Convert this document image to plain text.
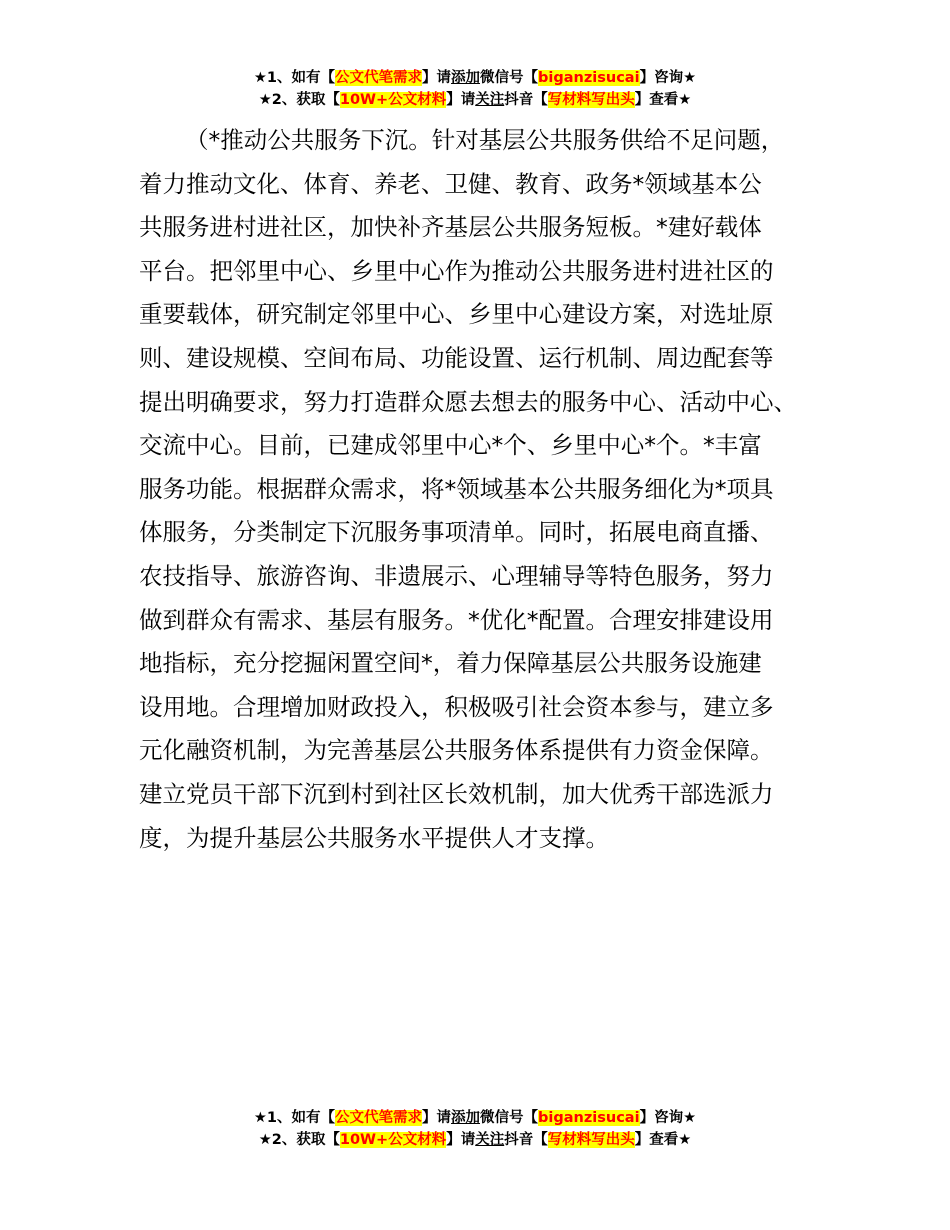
★1、如有【公文代笔需求】请添加微信号【biganzisucai】咨询★
★2、获取【10W+公文材料】请关注抖音【写材料写出头】查看★
（*推动公共服务下沉。针对基层公共服务供给不足问题，
着力推动文化、体育、养老、卫健、教育、政务*领域基本公
共服务进村进社区，加快补齐基层公共服务短板。*建好载体
平台。把邻里中心、乡里中心作为推动公共服务进村进社区的
重要载体，研究制定邻里中心、乡里中心建设方案，对选址原
则、建设规模、空间布局、功能设置、运行机制、周边配套等
提出明确要求，努力打造群众愿去想去的服务中心、活动中心、
交流中心。目前，已建成邻里中心*个、乡里中心*个。*丰富
服务功能。根据群众需求，将*领域基本公共服务细化为*项具
体服务，分类制定下沉服务事项清单。同时，拓展电商直播、
农技指导、旅游咨询、非遗展示、心理辅导等特色服务，努力
做到群众有需求、基层有服务。*优化*配置。合理安排建设用
地指标，充分挖掘闲置空间*，着力保障基层公共服务设施建
设用地。合理增加财政投入，积极吸引社会资本参与，建立多
元化融资机制，为完善基层公共服务体系提供有力资金保障。
建立党员干部下沉到村到社区长效机制，加大优秀干部选派力
度，为提升基层公共服务水平提供人才支撑。
★1、如有【公文代笔需求】请添加微信号【biganzisucai】咨询★
★2、获取【10W+公文材料】请关注抖音【写材料写出头】查看★
